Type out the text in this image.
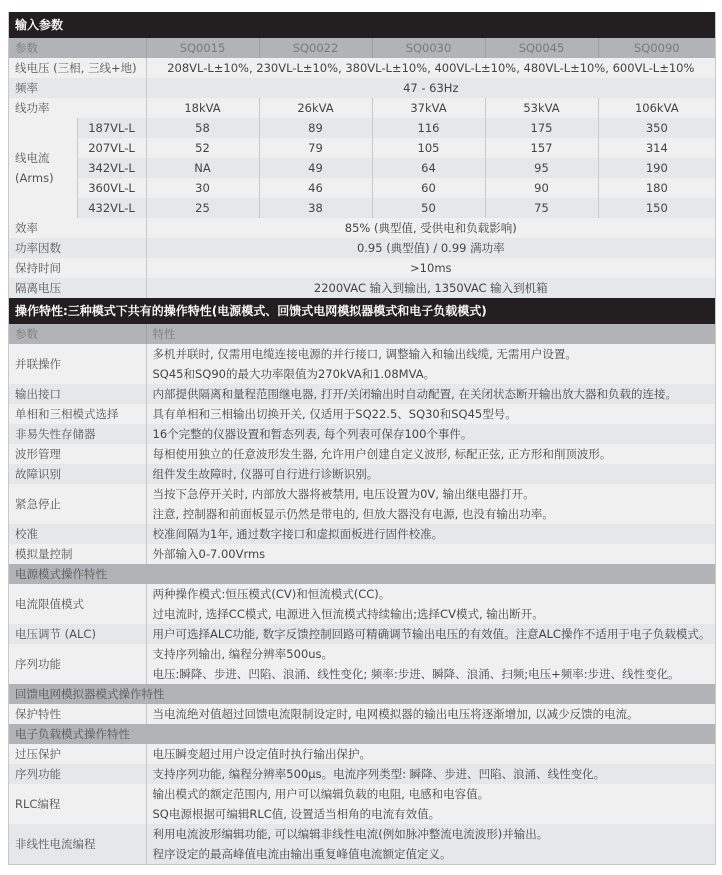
输入参数						
参数		SQ0015	SQ0022	SQ0030	SQ0045	SQ0090
线电压 (三相, 三线+地)		208VL-L±10%, 230VL-L±10%, 380VL-L±10%, 400VL-L±10%, 480VL-L±10%, 600VL-L±10%				
频率		47 - 63Hz				
线功率		18kVA	26kVA	37kVA	53kVA	106kVA

线电流
(Arms)	187VL-L	58	89	116	175	350
	207VL-L	52	79	105	157	314
	342VL-L	NA	49	64	95	190
	360VL-L	30	46	60	90	180
	432VL-L	25	38	50	75	150
效率		85% (典型值, 受供电和负载影响)				
功率因数		0.95 (典型值) / 0.99 满功率				
保持时间		>10ms				
隔离电压		2200VAC 输入到输出, 1350VAC 输入到机箱				
操作特性:三种模式下共有的操作特性(电源模式、回馈式电网模拟器模式和电子负载模式)	
参数	特性
并联操作	多机并联时, 仅需用电缆连接电源的并行接口, 调整输入和输出线缆, 无需用户设置。
SQ45和SQ90的最大功率限值为270kVA和1.08MVA。

输出接口	内部提供隔离和量程范围继电器, 打开/关闭输出时自动配置, 在关闭状态断开输出放大器和负载的连接。
单相和三相模式选择	具有单相和三相输出切换开关, 仅适用于SQ22.5、SQ30和SQ45型号。
非易失性存储器	16个完整的仪器设置和暂态列表, 每个列表可保存100个事件。
波形管理	每相使用独立的任意波形发生器, 允许用户创建自定义波形, 标配正弦, 正方形和削顶波形。
故障识别	组件发生故障时, 仪器可自行进行诊断识别。
紧急停止	当按下急停开关时, 内部放大器将被禁用, 电压设置为0V, 输出继电器打开。
注意, 控制器和前面板显示仍然是带电的, 但放大器没有电源, 也没有输出功率。

校准	校准间隔为1年, 通过数字接口和虚拟面板进行固件校准。
模拟量控制	外部输入0-7.00Vrms
电源模式操作特性	
电流限值模式	两种操作模式:恒压模式(CV)和恒流模式(CC)。
过电流时, 选择CC模式, 电源进入恒流模式持续输出;选择CV模式, 输出断开。

电压调节 (ALC)	用户可选择ALC功能, 数字反馈控制回路可精确调节输出电压的有效值。注意ALC操作不适用于电子负载模式。
序列功能	支持序列输出, 编程分辨率500us。
电压:瞬降、步进、凹陷、浪涌、线性变化; 频率:步进、瞬降、浪涌、扫频;电压+频率:步进、线性变化。

回馈电网模拟器模式操作特性	
保护特性	当电流绝对值超过回馈电流限制设定时, 电网模拟器的输出电压将逐渐增加, 以减少反馈的电流。
电子负载模式操作特性	
过压保护	电压瞬变超过用户设定值时执行输出保护。
序列功能	支持序列功能, 编程分辨率500μs。电流序列类型: 瞬降、步进、凹陷、浪涌、线性变化。
RLC编程	输出模式的额定范围内, 用户可以编辑负载的电阻, 电感和电容值。
SQ电源根据可编辑RLC值, 设置适当相角的电流有效值。

非线性电流编程	利用电流波形编辑功能, 可以编辑非线性电流(例如脉冲整流电流波形)并输出。
程序设定的最高峰值电流由输出重复峰值电流额定值定义。
